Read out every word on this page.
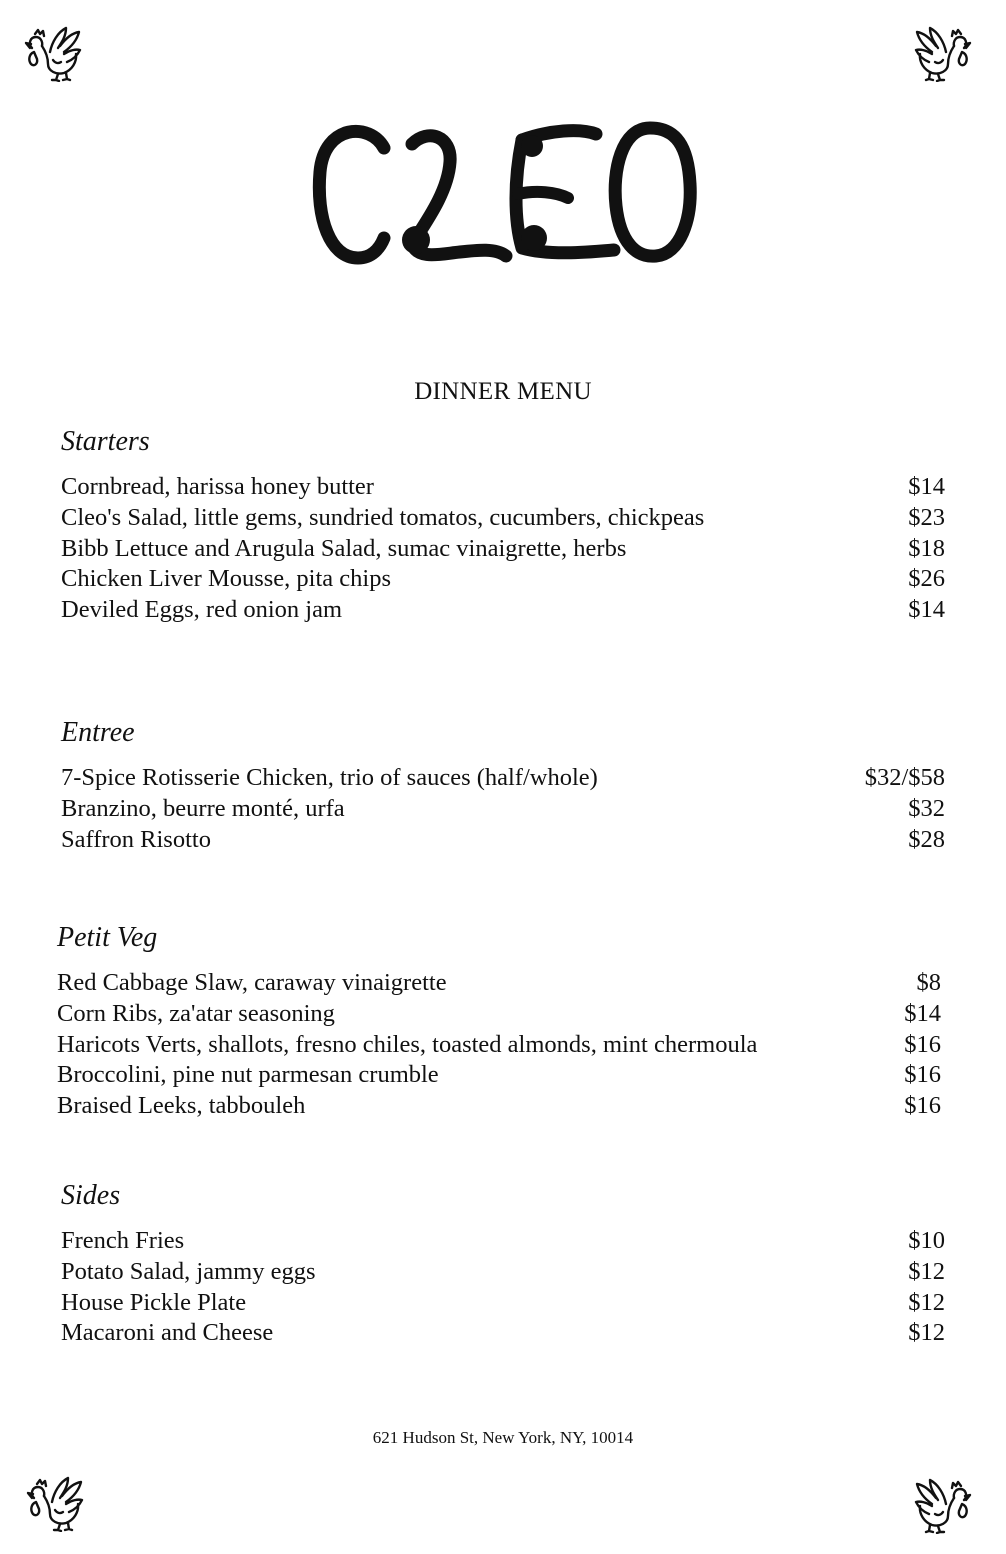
DINNER MENU
Starters
Cornbread, harissa honey butter	$14
Cleo's Salad, little gems, sundried tomatos, cucumbers, chickpeas	$23
Bibb Lettuce and Arugula Salad, sumac vinaigrette, herbs	$18
Chicken Liver Mousse, pita chips	$26
Deviled Eggs, red onion jam	$14
Entree
7-Spice Rotisserie Chicken, trio of sauces (half/whole)	$32/$58
Branzino, beurre monté, urfa	$32
Saffron Risotto	$28
Petit Veg
Red Cabbage Slaw, caraway vinaigrette	$8
Corn Ribs, za'atar seasoning	$14
Haricots Verts, shallots, fresno chiles, toasted almonds, mint chermoula	$16
Broccolini, pine nut parmesan crumble	$16
Braised Leeks, tabbouleh	$16
Sides
French Fries	$10
Potato Salad, jammy eggs	$12
House Pickle Plate	$12
Macaroni and Cheese	$12
621 Hudson St, New York, NY, 10014
